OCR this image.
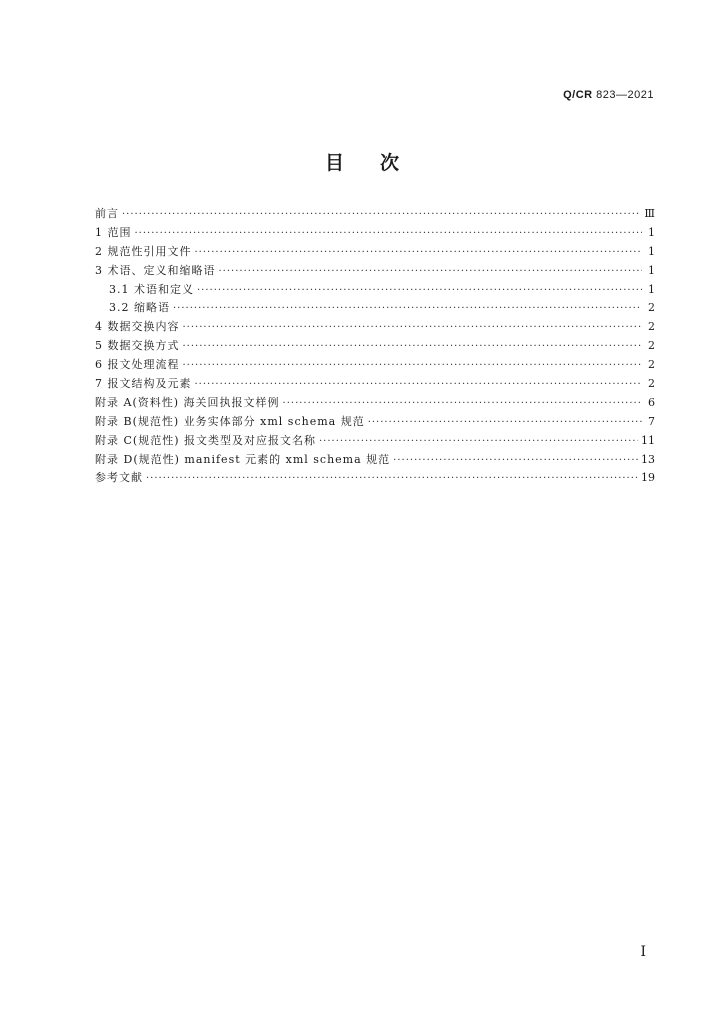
Q/CR 823—2021
目次
前言 ·····	Ⅲ
1 范围 ·····	1
2 规范性引用文件 ·····	1
3 术语、定义和缩略语 ·····	1
3.1 术语和定义 ·····	1
3.2 缩略语 ·····	2
4 数据交换内容 ·····	2
5 数据交换方式 ·····	2
6 报文处理流程 ·····	2
7 报文结构及元素 ·····	2
附录 A(资料性) 海关回执报文样例 ·····	6
附录 B(规范性) 业务实体部分 xml schema 规范 ·····	7
附录 C(规范性) 报文类型及对应报文名称 ·····	11
附录 D(规范性) manifest 元素的 xml schema 规范 ·····	13
参考文献 ·····	19
I
